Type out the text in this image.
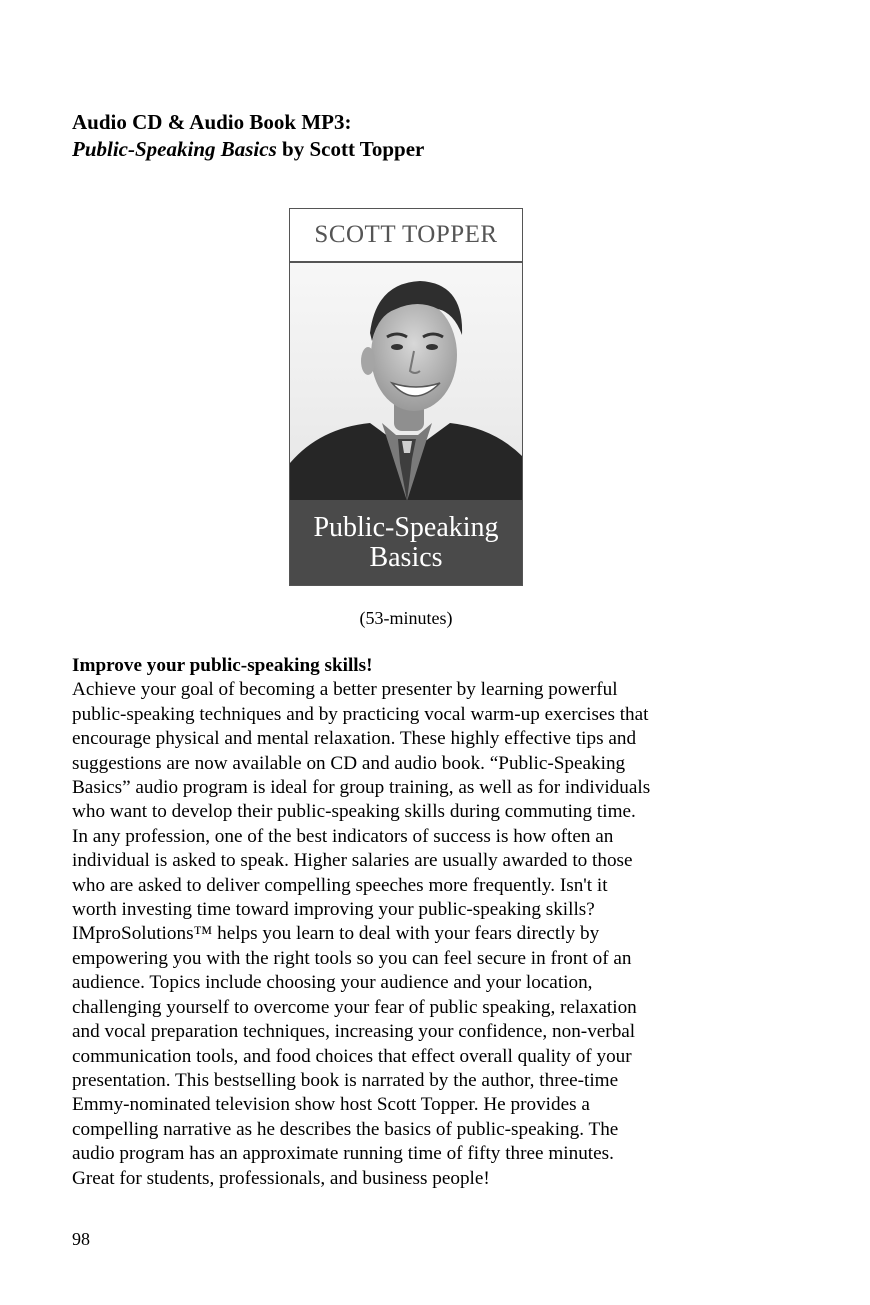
Audio CD & Audio Book MP3:
Public-Speaking Basics by Scott Topper
SCOTT TOPPER
Public-Speaking
Basics
(53-minutes)
Improve your public-speaking skills!
Achieve your goal of becoming a better presenter by learning powerful
public-speaking techniques and by practicing vocal warm-up exercises that
encourage physical and mental relaxation. These highly effective tips and
suggestions are now available on CD and audio book. “Public-Speaking
Basics” audio program is ideal for group training, as well as for individuals
who want to develop their public-speaking skills during commuting time.
In any profession, one of the best indicators of success is how often an
individual is asked to speak. Higher salaries are usually awarded to those
who are asked to deliver compelling speeches more frequently. Isn't it
worth investing time toward improving your public-speaking skills?
IMproSolutions™ helps you learn to deal with your fears directly by
empowering you with the right tools so you can feel secure in front of an
audience. Topics include choosing your audience and your location,
challenging yourself to overcome your fear of public speaking, relaxation
and vocal preparation techniques, increasing your confidence, non-verbal
communication tools, and food choices that effect overall quality of your
presentation. This bestselling book is narrated by the author, three-time
Emmy-nominated television show host Scott Topper. He provides a
compelling narrative as he describes the basics of public-speaking. The
audio program has an approximate running time of fifty three minutes.
Great for students, professionals, and business people!
98
